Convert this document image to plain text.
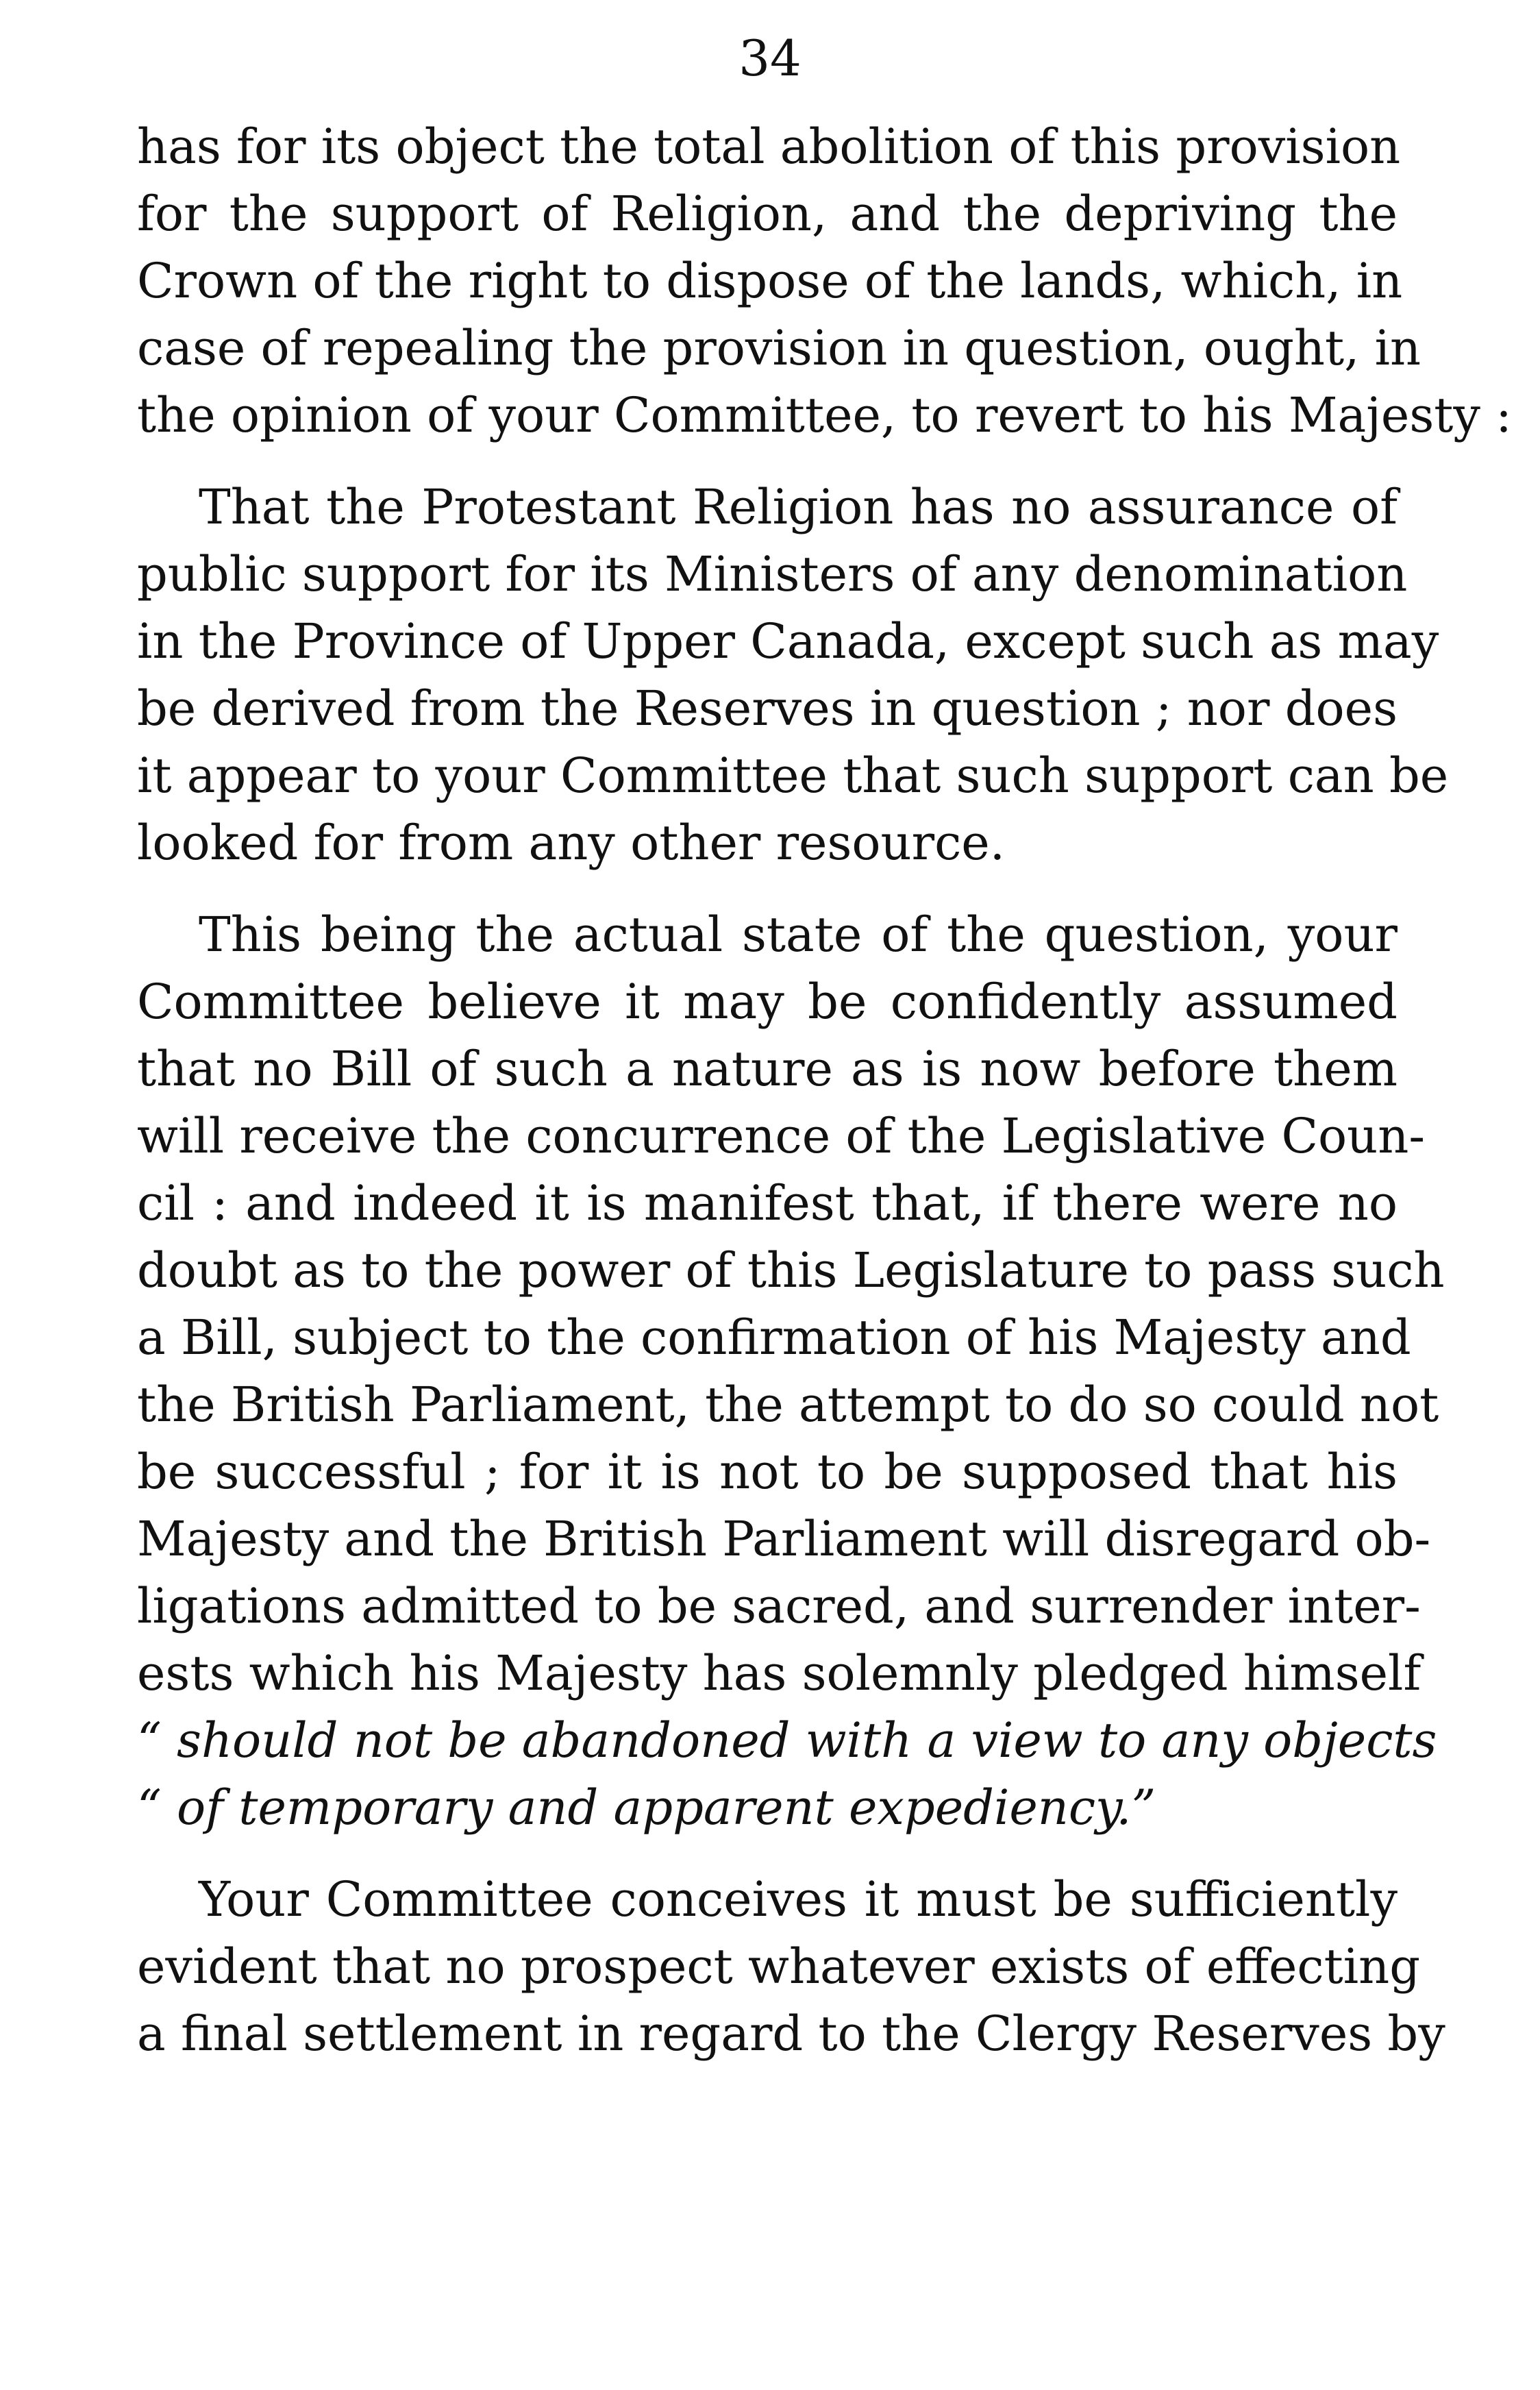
34
has for its object the total abolition of this provision
for the support of Religion, and the depriving the
Crown of the right to dispose of the lands, which, in
case of repealing the provision in question, ought, in
the opinion of your Committee, to revert to his Majesty :
That the Protestant Religion has no assurance of
public support for its Ministers of any denomination
in the Province of Upper Canada, except such as may
be derived from the Reserves in question ; nor does
it appear to your Committee that such support can be
looked for from any other resource.
This being the actual state of the question, your
Committee believe it may be confidently assumed
that no Bill of such a nature as is now before them
will receive the concurrence of the Legislative Coun-
cil : and indeed it is manifest that, if there were no
doubt as to the power of this Legislature to pass such
a Bill, subject to the confirmation of his Majesty and
the British Parliament, the attempt to do so could not
be successful ; for it is not to be supposed that his
Majesty and the British Parliament will disregard ob-
ligations admitted to be sacred, and surrender inter-
ests which his Majesty has solemnly pledged himself
“ should not be abandoned with a view to any objects
“ of temporary and apparent expediency.”
Your Committee conceives it must be sufficiently
evident that no prospect whatever exists of effecting
a final settlement in regard to the Clergy Reserves by
